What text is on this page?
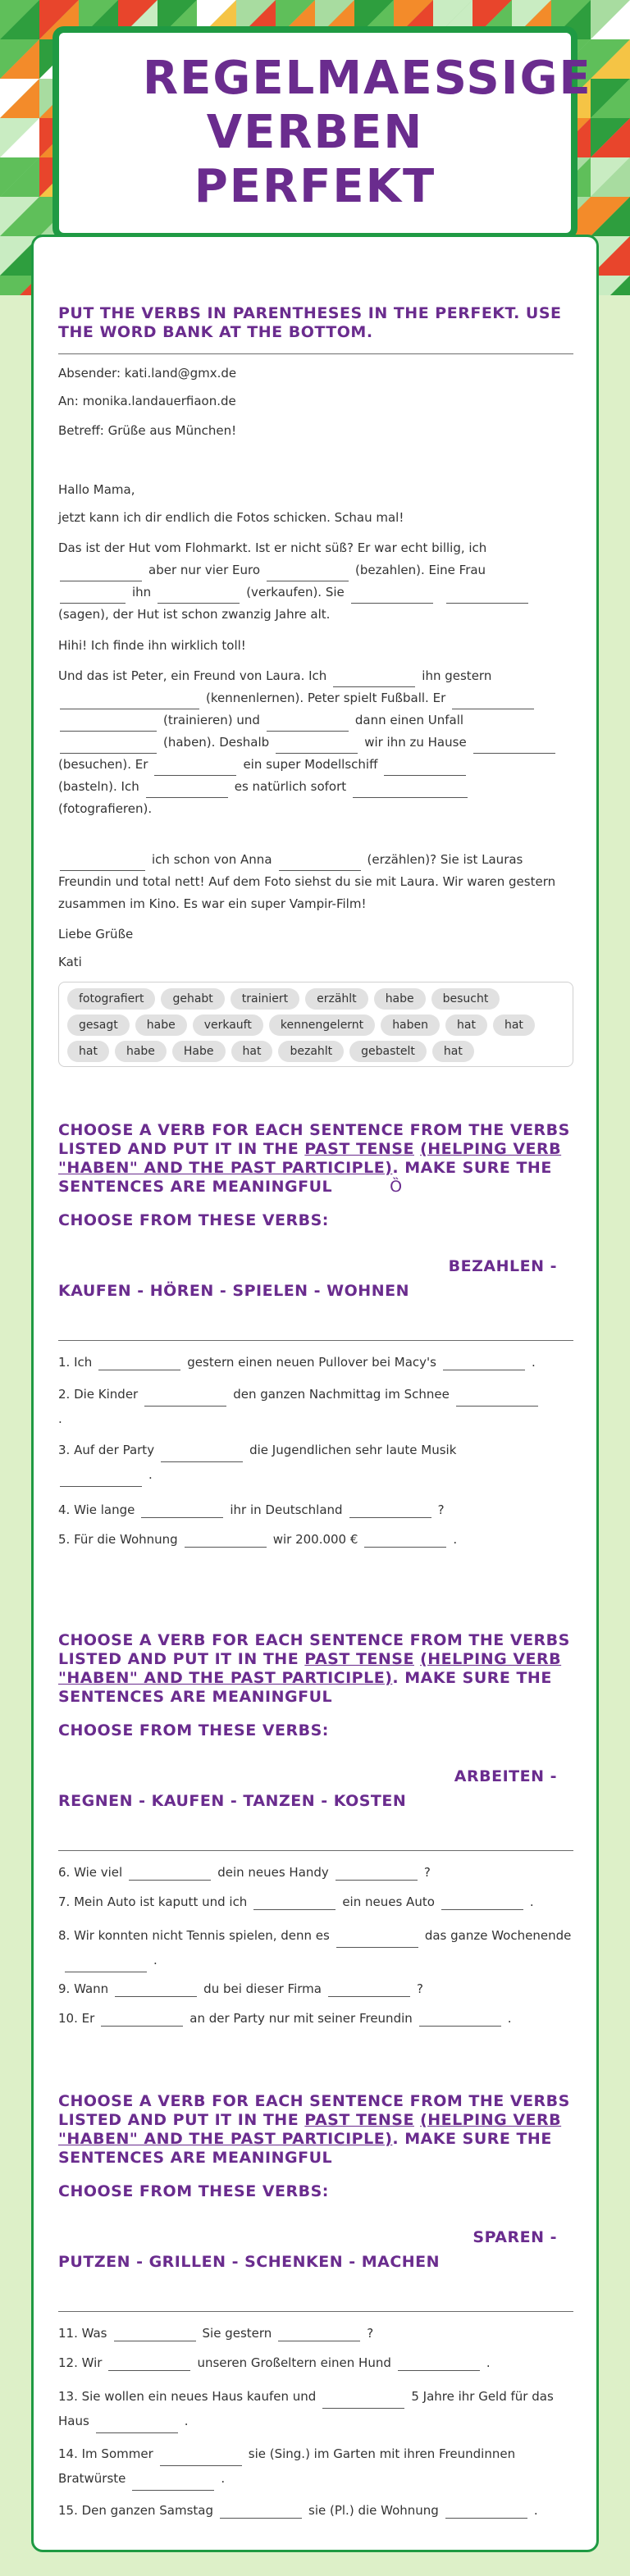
REGELMAESSIGE VERBEN PERFEKT
PUT THE VERBS IN PARENTHESES IN THE PERFEKT. USE THE WORD BANK AT THE BOTTOM.
Absender: kati.land@gmx.de
An: monika.landauerfiaon.de
Betreff: Grüße aus München!
Hallo Mama,
jetzt kann ich dir endlich die Fotos schicken. Schau mal!
Das ist der Hut vom Flohmarkt. Ist er nicht süß? Er war echt billig, ich
aber nur vier Euro	(bezahlen). Eine Frau
ihn	(verkaufen). Sie
(sagen), der Hut ist schon zwanzig Jahre alt.
Hihi! Ich finde ihn wirklich toll!
Und das ist Peter, ein Freund von Laura. Ich	ihn gestern
(kennenlernen). Peter spielt Fußball. Er
(trainieren) und	dann einen Unfall
(haben). Deshalb	wir ihn zu Hause
(besuchen). Er	ein super Modellschiff
(basteln). Ich	es natürlich sofort
(fotografieren).
ich schon von Anna	(erzählen)? Sie ist Lauras Freundin und total nett! Auf dem Foto siehst du sie mit Laura. Wir waren gestern zusammen im Kino. Es war ein super Vampir-Film!
Liebe Grüße
Kati
fotografiert	gehabt	trainiert	erzählt	habe	besucht
gesagt	habe	verkauft	kennengelernt	haben	hat	hat
hat	habe	Habe	hat	bezahlt	gebastelt	hat
CHOOSE A VERB FOR EACH SENTENCE FROM THE VERBS LISTED AND PUT IT IN THE PAST TENSE (HELPING VERB "HABEN" AND THE PAST PARTICIPLE). MAKE SURE THE SENTENCES ARE MEANINGFUL	Ȍ
CHOOSE FROM THESE VERBS:
BEZAHLEN -
KAUFEN - HÖREN - SPIELEN - WOHNEN
1. Ich	gestern einen neuen Pullover bei Macy's	.
2. Die Kinder	den ganzen Nachmittag im Schnee
.
3. Auf der Party	die Jugendlichen sehr laute Musik
.
4. Wie lange	ihr in Deutschland	?
5. Für die Wohnung	wir 200.000 €	.
CHOOSE A VERB FOR EACH SENTENCE FROM THE VERBS LISTED AND PUT IT IN THE PAST TENSE (HELPING VERB "HABEN" AND THE PAST PARTICIPLE). MAKE SURE THE SENTENCES ARE MEANINGFUL
CHOOSE FROM THESE VERBS:
ARBEITEN -
REGNEN - KAUFEN - TANZEN - KOSTEN
6. Wie viel	dein neues Handy	?
7. Mein Auto ist kaputt und ich	ein neues Auto	.
8. Wir konnten nicht Tennis spielen, denn es	das ganze Wochenende.
9. Wann	du bei dieser Firma	?
10. Er	an der Party nur mit seiner Freundin	.
CHOOSE A VERB FOR EACH SENTENCE FROM THE VERBS LISTED AND PUT IT IN THE PAST TENSE (HELPING VERB "HABEN" AND THE PAST PARTICIPLE). MAKE SURE THE SENTENCES ARE MEANINGFUL
CHOOSE FROM THESE VERBS:
SPAREN -
PUTZEN - GRILLEN - SCHENKEN - MACHEN
11. Was	Sie gestern	?
12. Wir	unseren Großeltern einen Hund	.
13. Sie wollen ein neues Haus kaufen und	5 Jahre ihr Geld für das Haus	.
14. Im Sommer	sie (Sing.) im Garten mit ihren Freundinnen Bratwürste	.
15. Den ganzen Samstag	sie (Pl.) die Wohnung	.
